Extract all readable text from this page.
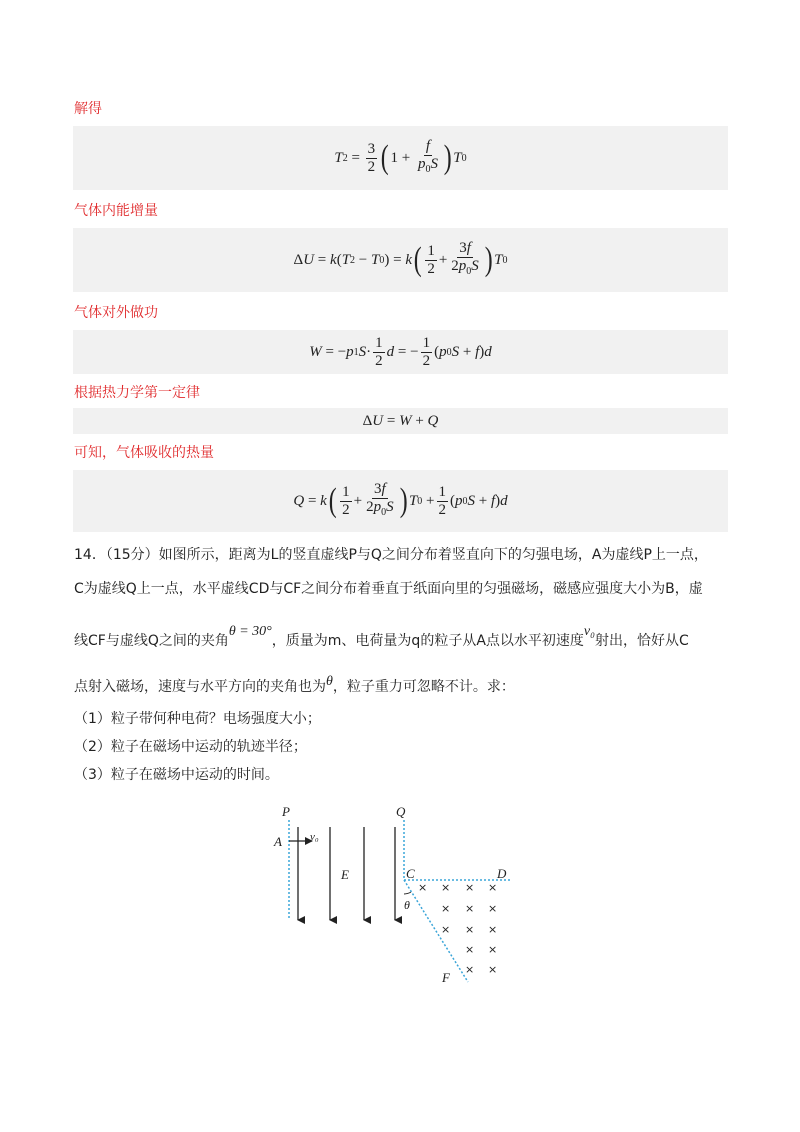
解得
T 2
=
$\frac{3}{2}$ ( 1 +
$\frac{f}{p_0S}$ ) T 0
气体内能增量
Δ U = k ( T 2
− T 0 )
= k ( $\frac{1}{2} + \frac{3f}{2p_0S}$ ) T 0
气体对外做功
W = − p 1 $S \cdot \frac{1}{2}$ d = − $\frac{1}{2}$ ( p 0 S + f ) d
根据热力学第一定律
Δ U = W + Q
可知，气体吸收的热量
Q = k ( $\frac{1}{2} + \frac{3f}{2p_0S}$ ) T 0
+ $\frac{1}{2}$ ( p 0 S + f ) d
14．（15分）如图所示，距离为L的竖直虚线P与Q之间分布着竖直向下的匀强电场，A为虚线P上一点，
C为虚线Q上一点，水平虚线CD与CF之间分布着垂直于纸面向里的匀强磁场，磁感应强度大小为B，虚
线CF与虚线Q之间的夹角θ = 30°，质量为m、电荷量为q的粒子从A点以水平初速度v₀射出，恰好从C
点射入磁场，速度与水平方向的夹角也为θ，粒子重力可忽略不计。求：
（1）粒子带何种电荷？电场强度大小；
（2）粒子在磁场中运动的轨迹半径；
（3）粒子在磁场中运动的时间。
P	Q
A	v₀
E	C	D
θ
F
× × × ×
× × ×
× × ×
× ×
× ×
